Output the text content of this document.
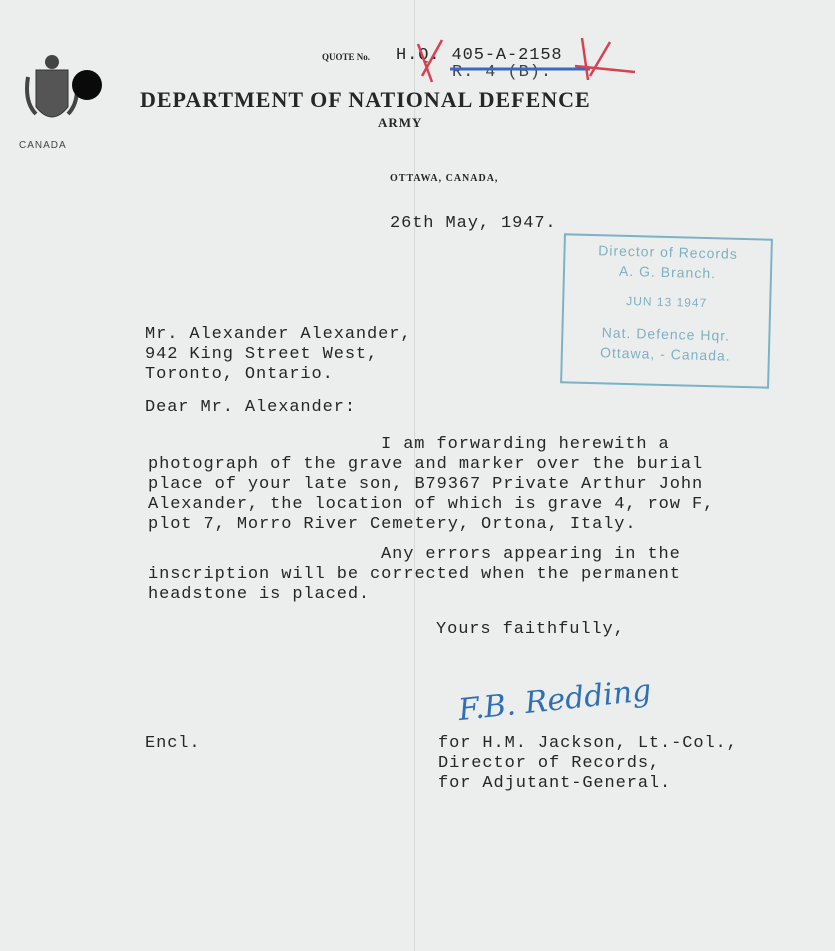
CANADA
QUOTE No. H.Q. 405-A-2158
R. 4 (B).
DEPARTMENT OF NATIONAL DEFENCE
ARMY
OTTAWA, CANADA,
26th May, 1947.
Director of Records
A. G. Branch.
JUN 13 1947
Nat. Defence Hqr.
Ottawa, - Canada.
Mr. Alexander Alexander,
942 King Street West,
Toronto, Ontario.
Dear Mr. Alexander:
I am forwarding herewith a
photograph of the grave and marker over the burial
place of your late son, B79367 Private Arthur John
Alexander, the location of which is grave 4, row F,
plot 7, Morro River Cemetery, Ortona, Italy.
Any errors appearing in the
inscription will be corrected when the permanent
headstone is placed.
Yours faithfully,
F.B. Redding
Encl.	for H.M. Jackson, Lt.-Col.,
Director of Records,
for Adjutant-General.
